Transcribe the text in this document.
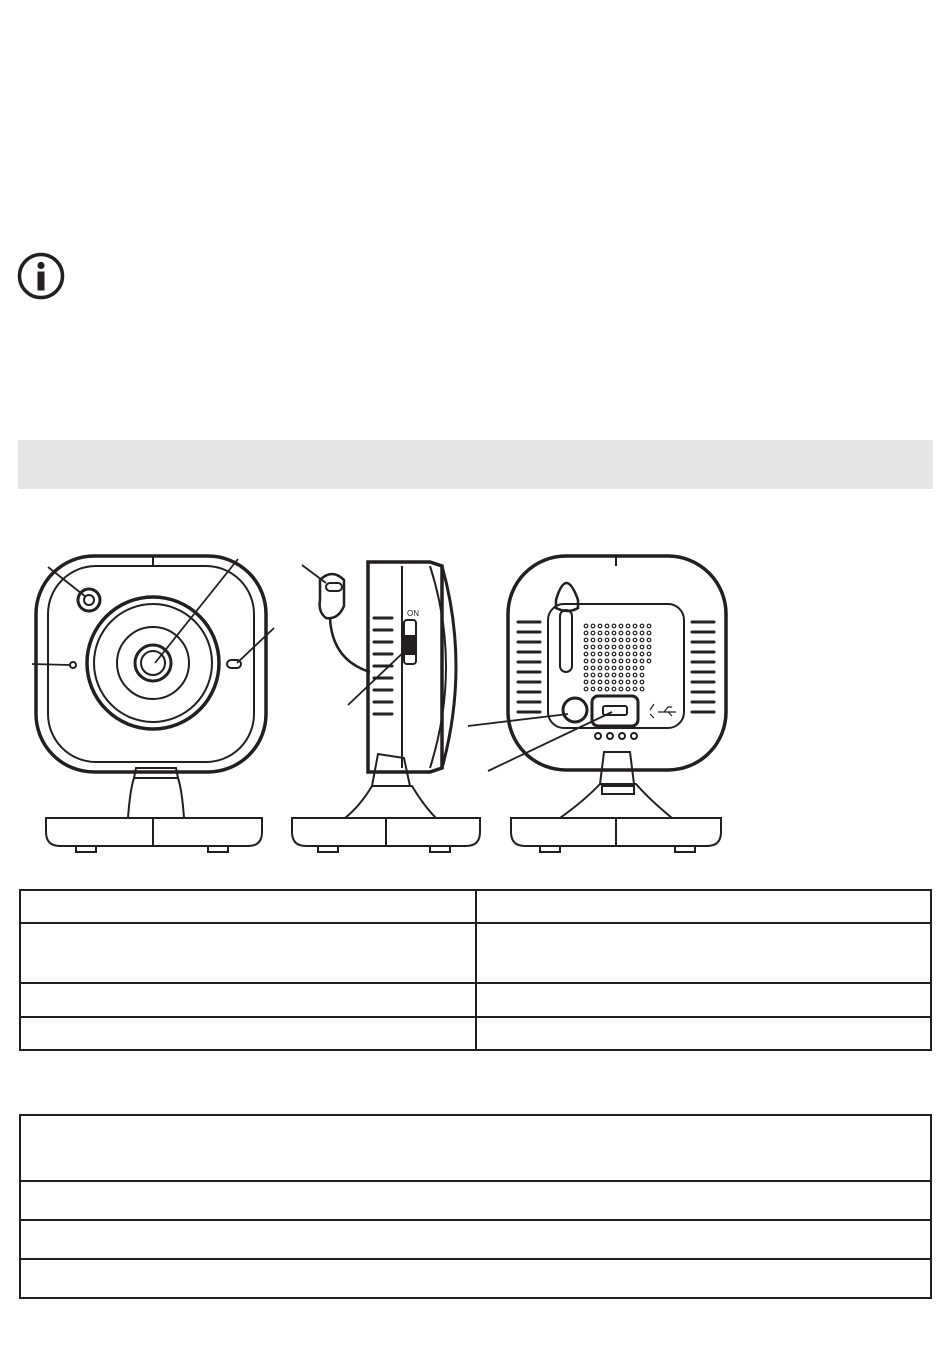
ON
